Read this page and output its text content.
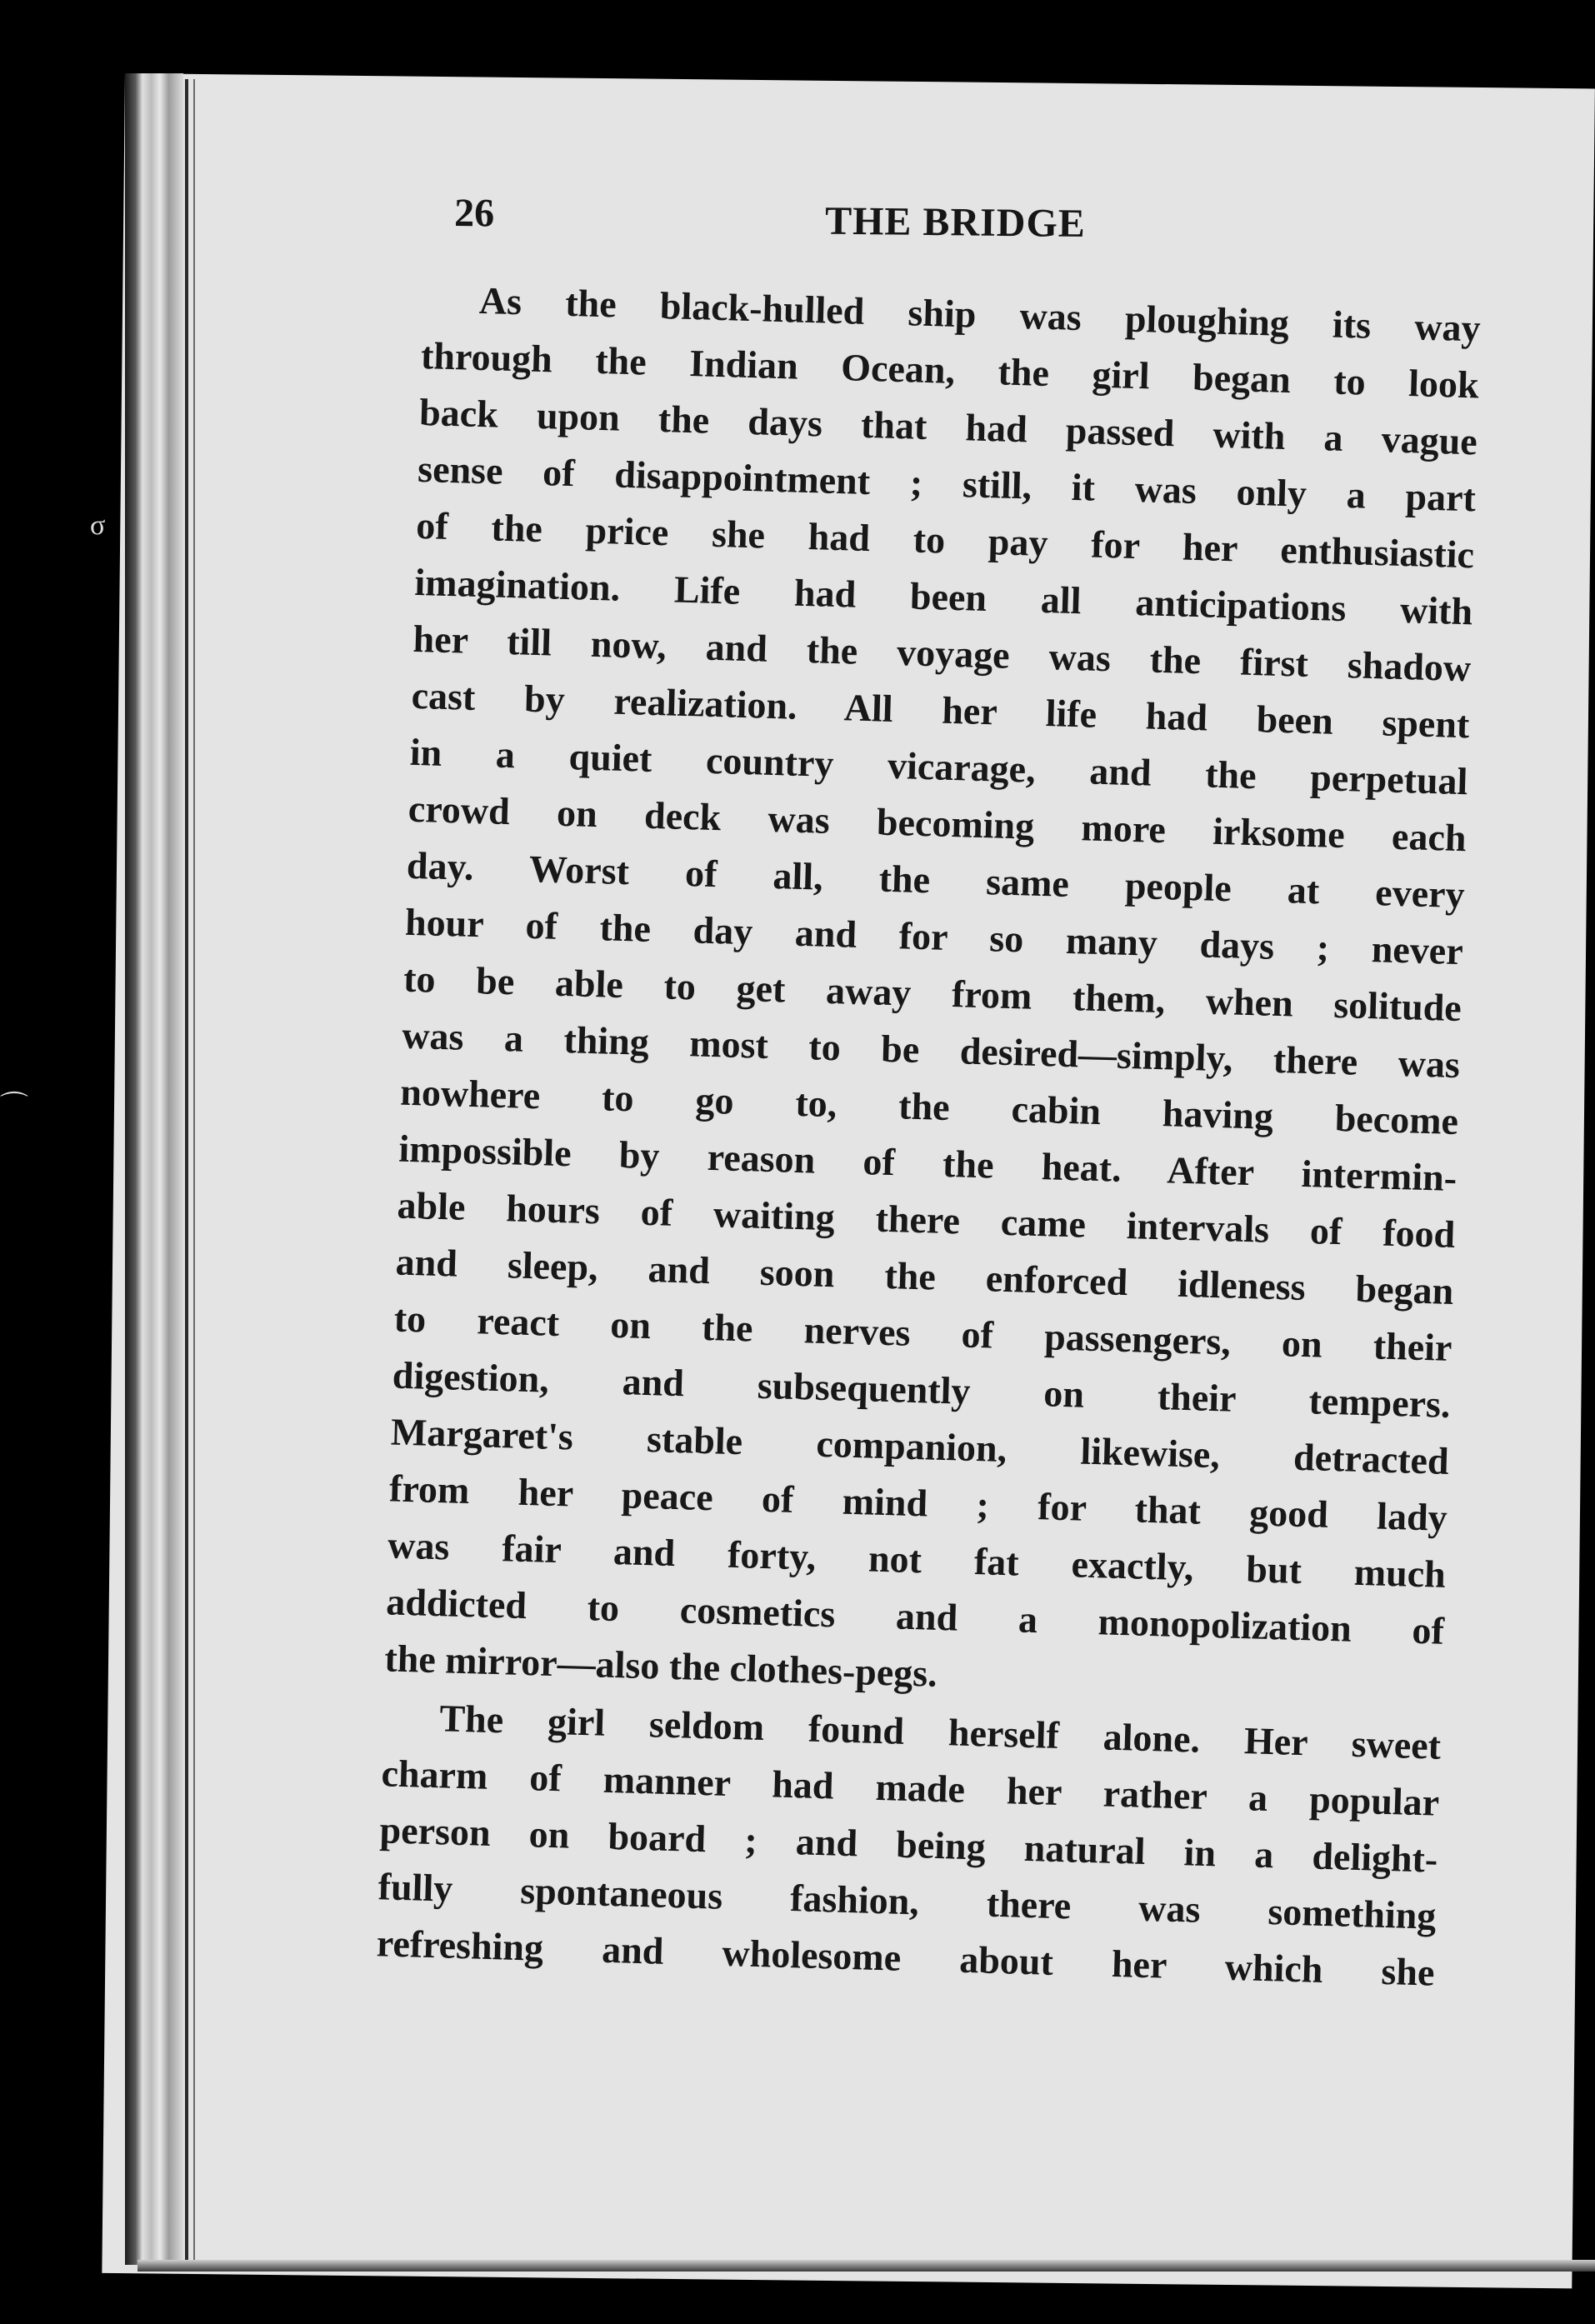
σ
⌒
26	THE BRIDGE
As the black-hulled ship was ploughing its way
through the Indian Ocean, the girl began to look
back upon the days that had passed with a vague
sense of disappointment ; still, it was only a part
of the price she had to pay for her enthusiastic
imagination. Life had been all anticipations with
her till now, and the voyage was the first shadow
cast by realization. All her life had been spent
in a quiet country vicarage, and the perpetual
crowd on deck was becoming more irksome each
day. Worst of all, the same people at every
hour of the day and for so many days ; never
to be able to get away from them, when solitude
was a thing most to be desired—simply, there was
nowhere to go to, the cabin having become
impossible by reason of the heat. After intermin-
able hours of waiting there came intervals of food
and sleep, and soon the enforced idleness began
to react on the nerves of passengers, on their
digestion, and subsequently on their tempers.
Margaret's stable companion, likewise, detracted
from her peace of mind ; for that good lady
was fair and forty, not fat exactly, but much
addicted to cosmetics and a monopolization of
the mirror—also the clothes-pegs.
The girl seldom found herself alone. Her sweet
charm of manner had made her rather a popular
person on board ; and being natural in a delight-
fully spontaneous fashion, there was something
refreshing and wholesome about her which she
